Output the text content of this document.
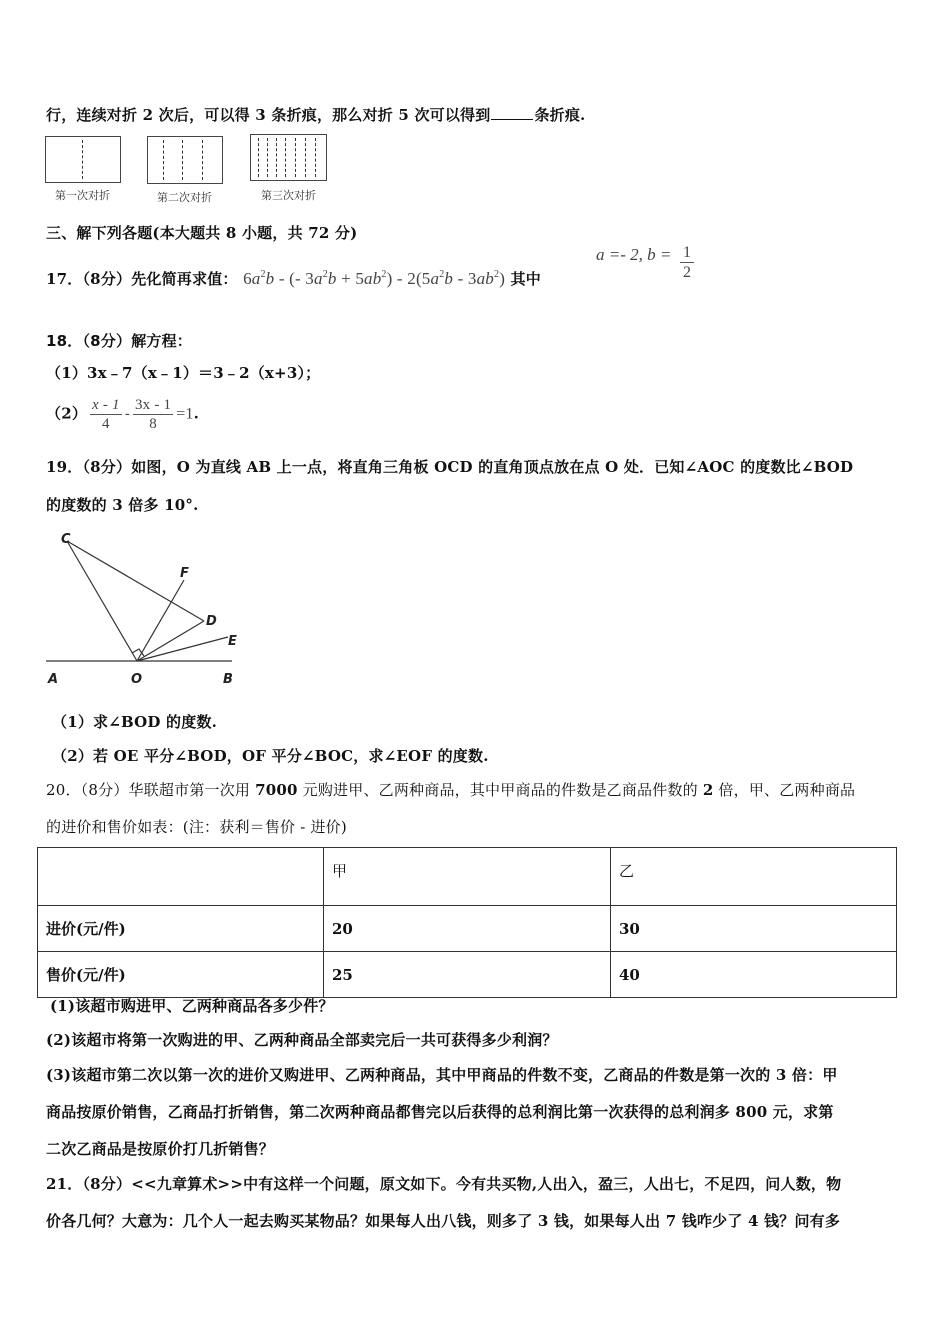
行，连续对折 2 次后，可以得 3 条折痕，那么对折 5 次可以得到	条折痕.
第一次对折	第二次对折	第三次对折
三、解下列各题(本大题共 8 小题，共 72 分)
17．（8分）先化简再求值： $6a^2b$ - (- $3a^2b + 5ab^2) - 2(5a^2b - 3ab^2)$ 其中
a =- 2, $b = \frac{1}{2}$
18．（8分）解方程：
（1）3x﹣7（x﹣1）＝3﹣2（x+3）；
$(2) \frac{x - 1}{4} - \frac{3x - 1}{8} =1$.
19．（8分）如图，O 为直线 AB 上一点，将直角三角板 OCD 的直角顶点放在点 O 处．已知∠AOC 的度数比∠BOD
的度数的 3 倍多 10°.
A	O	B
C
D
E
F
（1）求∠BOD 的度数.
（2）若 OE 平分∠BOD，OF 平分∠BOC，求∠EOF 的度数.
20．（8分）华联超市第一次用 7000 元购进甲、乙两种商品，其中甲商品的件数是乙商品件数的 2 倍，甲、乙两种商品
的进价和售价如表：(注：获利＝售价 - 进价)
	甲	乙
进价(元/件)	20	30
售价(元/件)	25	40
(1)该超市购进甲、乙两种商品各多少件？
(2)该超市将第一次购进的甲、乙两种商品全部卖完后一共可获得多少利润？
(3)该超市第二次以第一次的进价又购进甲、乙两种商品，其中甲商品的件数不变，乙商品的件数是第一次的 3 倍：甲
商品按原价销售，乙商品打折销售，第二次两种商品都售完以后获得的总利润比第一次获得的总利润多 800 元，求第
二次乙商品是按原价打几折销售？
21．（8分）<<九章算术>>中有这样一个问题，原文如下。今有共买物,人出入，盈三，人出七，不足四，问人数，物
价各几何？大意为：几个人一起去购买某物品？如果每人出八钱，则多了 3 钱，如果每人出 7 钱咋少了 4 钱？问有多
